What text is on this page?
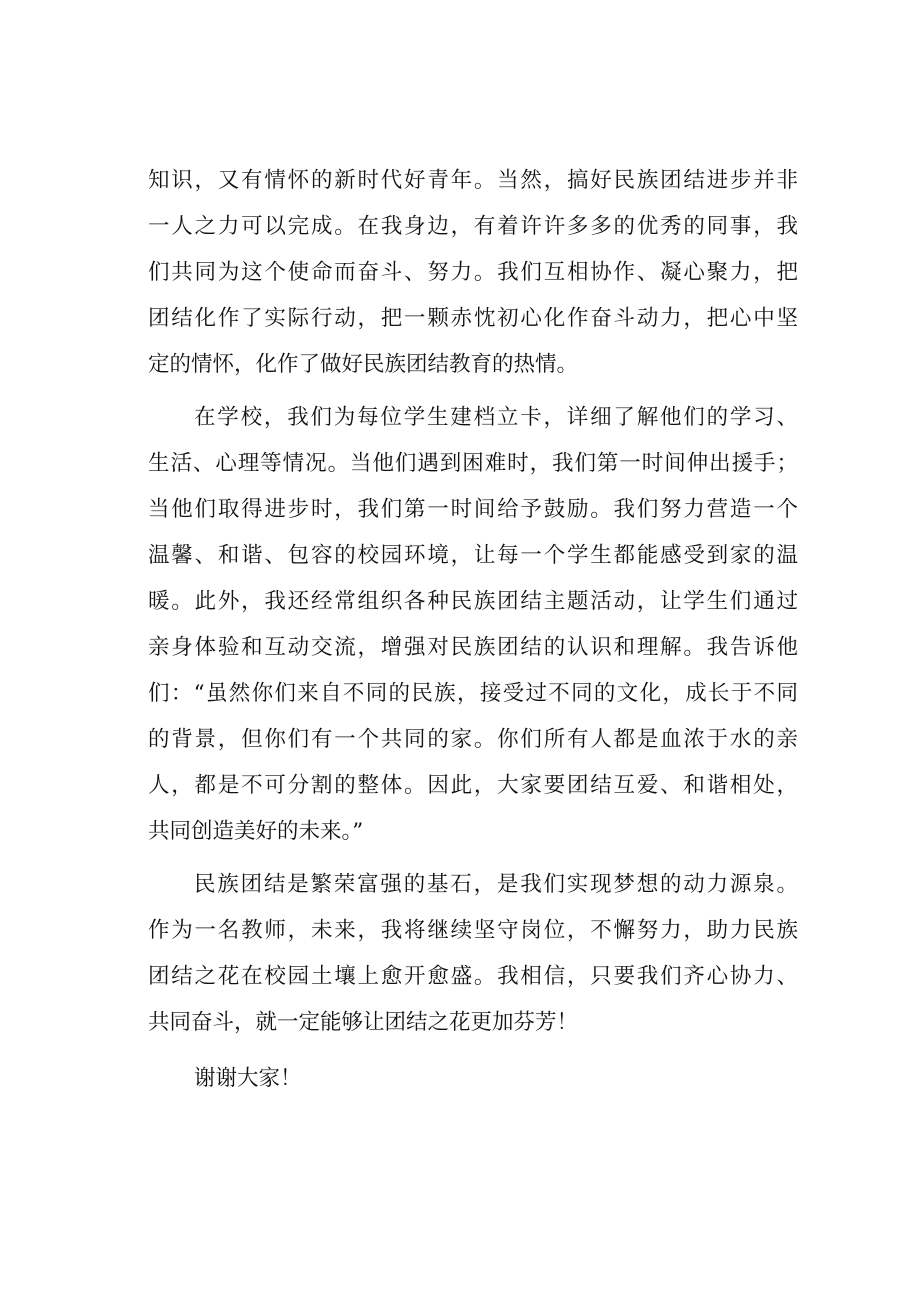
知识，又有情怀的新时代好青年。当然，搞好民族团结进步并非
一人之力可以完成。在我身边，有着许许多多的优秀的同事，我
们共同为这个使命而奋斗、努力。我们互相协作、凝心聚力，把
团结化作了实际行动，把一颗赤忱初心化作奋斗动力，把心中坚
定的情怀，化作了做好民族团结教育的热情。
在学校，我们为每位学生建档立卡，详细了解他们的学习、
生活、心理等情况。当他们遇到困难时，我们第一时间伸出援手；
当他们取得进步时，我们第一时间给予鼓励。我们努力营造一个
温馨、和谐、包容的校园环境，让每一个学生都能感受到家的温
暖。此外，我还经常组织各种民族团结主题活动，让学生们通过
亲身体验和互动交流，增强对民族团结的认识和理解。我告诉他
们：“虽然你们来自不同的民族，接受过不同的文化，成长于不同
的背景，但你们有一个共同的家。你们所有人都是血浓于水的亲
人，都是不可分割的整体。因此，大家要团结互爱、和谐相处，
共同创造美好的未来。”
民族团结是繁荣富强的基石，是我们实现梦想的动力源泉。
作为一名教师，未来，我将继续坚守岗位，不懈努力，助力民族
团结之花在校园土壤上愈开愈盛。我相信，只要我们齐心协力、
共同奋斗，就一定能够让团结之花更加芬芳！
谢谢大家！
